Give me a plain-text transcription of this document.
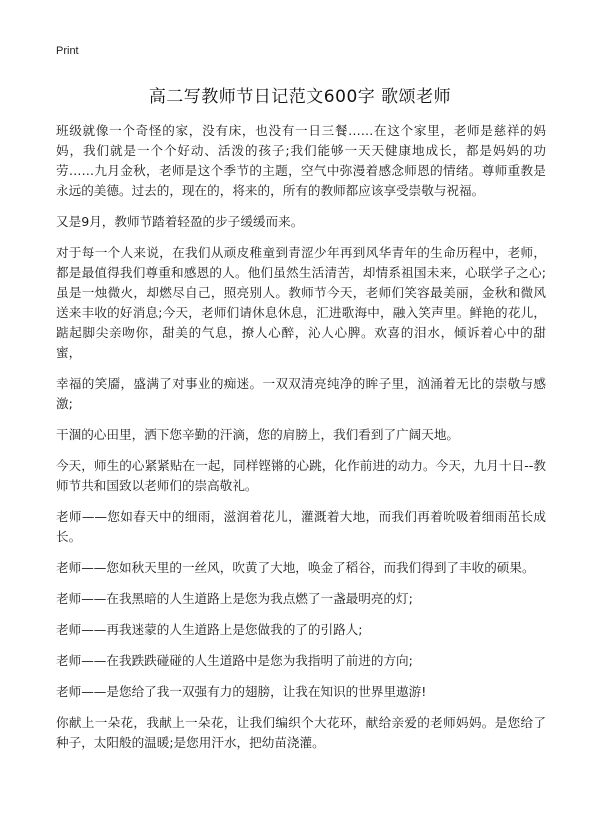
Print
高二写教师节日记范文600字 歌颂老师

班级就像一个奇怪的家，没有床，也没有一日三餐……在这个家里，老师是慈祥的妈妈，我们就是一个个好动、活泼的孩子;我们能够一天天健康地成长，都是妈妈的功劳……九月金秋，老师是这个季节的主题，空气中弥漫着感念师恩的情绪。尊师重教是永远的美德。过去的，现在的，将来的，所有的教师都应该享受崇敬与祝福。

又是9月，教师节踏着轻盈的步子缓缓而来。

对于每一个人来说，在我们从顽皮稚童到青涩少年再到风华青年的生命历程中，老师，都是最值得我们尊重和感恩的人。他们虽然生活清苦，却情系祖国未来，心联学子之心;虽是一烛微火，却燃尽自己，照亮别人。教师节今天，老师们笑容最美丽，金秋和微风送来丰收的好消息;今天，老师们请休息休息，汇进歌海中，融入笑声里。鲜艳的花儿，踮起脚尖亲吻你，甜美的气息，撩人心醉，沁人心脾。欢喜的泪水，倾诉着心中的甜蜜，

幸福的笑靥，盛满了对事业的痴迷。一双双清亮纯净的眸子里，汹涌着无比的崇敬与感激;

干涸的心田里，洒下您辛勤的汗滴，您的肩膀上，我们看到了广阔天地。

今天，师生的心紧紧贴在一起，同样铿锵的心跳，化作前进的动力。今天，九月十日--教师节共和国致以老师们的崇高敬礼。

老师——您如春天中的细雨，滋润着花儿，灌溉着大地，而我们再着吮吸着细雨茁长成长。

老师——您如秋天里的一丝风，吹黄了大地，唤金了稻谷，而我们得到了丰收的硕果。

老师——在我黑暗的人生道路上是您为我点燃了一盏最明亮的灯;

老师——再我迷蒙的人生道路上是您做我的了的引路人;

老师——在我跌跌碰碰的人生道路中是您为我指明了前进的方向;

老师——是您给了我一双强有力的翅膀，让我在知识的世界里遨游!

你献上一朵花，我献上一朵花，让我们编织个大花环，献给亲爱的老师妈妈。是您给了种子，太阳般的温暖;是您用汗水，把幼苗浇灌。
